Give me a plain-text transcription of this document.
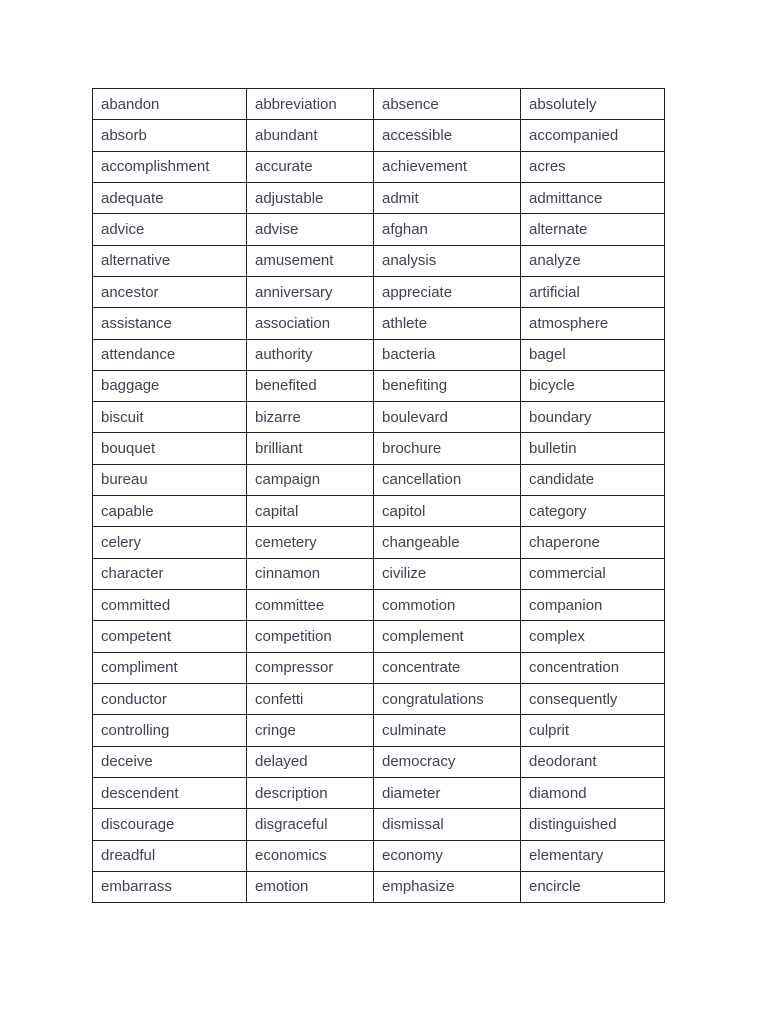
abandon	abbreviation	absence	absolutely
absorb	abundant	accessible	accompanied
accomplishment	accurate	achievement	acres
adequate	adjustable	admit	admittance
advice	advise	afghan	alternate
alternative	amusement	analysis	analyze
ancestor	anniversary	appreciate	artificial
assistance	association	athlete	atmosphere
attendance	authority	bacteria	bagel
baggage	benefited	benefiting	bicycle
biscuit	bizarre	boulevard	boundary
bouquet	brilliant	brochure	bulletin
bureau	campaign	cancellation	candidate
capable	capital	capitol	category
celery	cemetery	changeable	chaperone
character	cinnamon	civilize	commercial
committed	committee	commotion	companion
competent	competition	complement	complex
compliment	compressor	concentrate	concentration
conductor	confetti	congratulations	consequently
controlling	cringe	culminate	culprit
deceive	delayed	democracy	deodorant
descendent	description	diameter	diamond
discourage	disgraceful	dismissal	distinguished
dreadful	economics	economy	elementary
embarrass	emotion	emphasize	encircle
